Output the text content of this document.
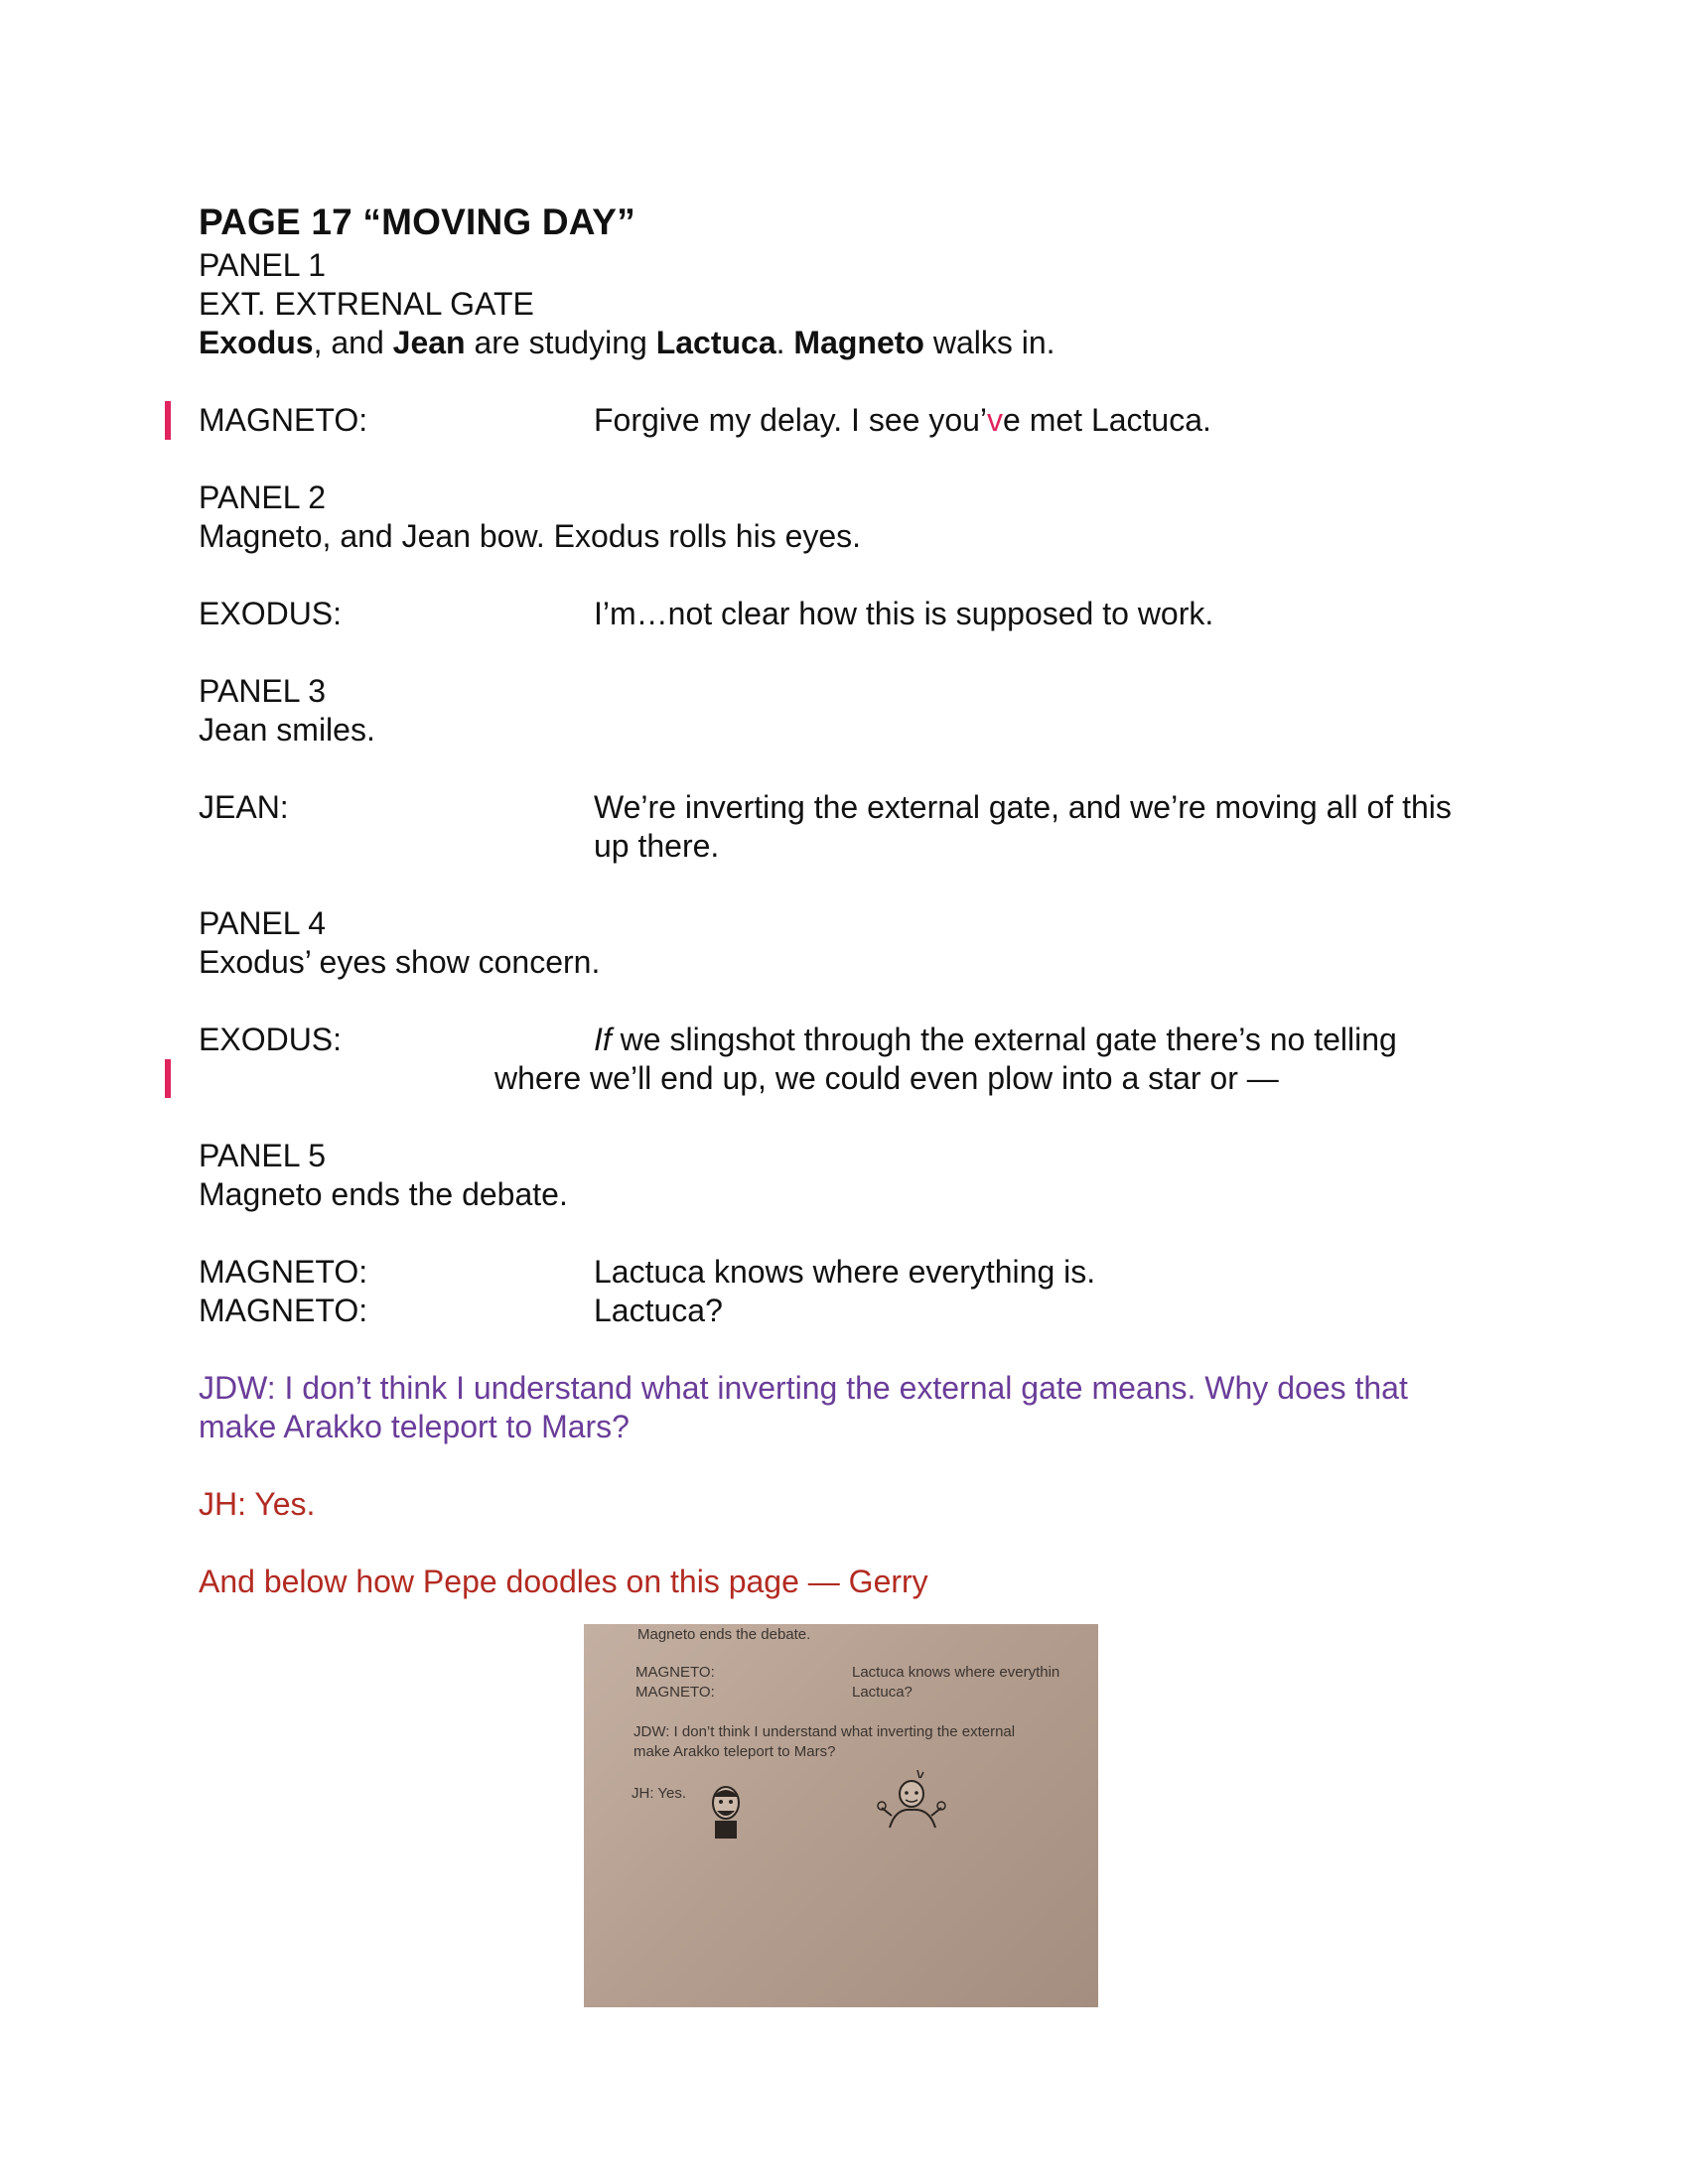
PAGE 17 “MOVING DAY”

PANEL 1

EXT. EXTRENAL GATE

Exodus, and Jean are studying Lactuca. Magneto walks in.

MAGNETO:	Forgive my delay. I see you’ve met Lactuca.

PANEL 2

Magneto, and Jean bow. Exodus rolls his eyes.

EXODUS:	I’m…not clear how this is supposed to work.

PANEL 3

Jean smiles.

JEAN:	We’re inverting the external gate, and we’re moving all of this up there.

PANEL 4

Exodus’ eyes show concern.

EXODUS:	If we slingshot through the external gate there’s no telling
where we’ll end up, we could even plow into a star or —

PANEL 5

Magneto ends the debate.

MAGNETO:	Lactuca knows where everything is.
MAGNETO:	Lactuca?
JDW: I don’t think I understand what inverting the external gate means. Why does that make Arakko teleport to Mars?
JH: Yes.
And below how Pepe doodles on this page — Gerry
Magneto ends the debate.
MAGNETO:	Lactuca knows where everythin
MAGNETO:	Lactuca?
JDW: I don’t think I understand what inverting the external
make Arakko teleport to Mars?
JH: Yes.
